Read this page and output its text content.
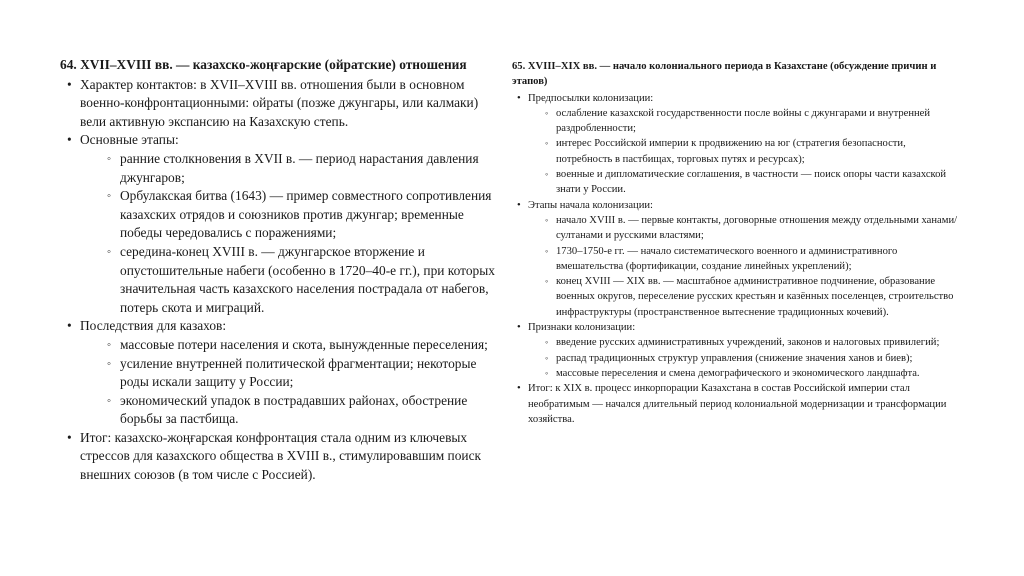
64. XVII–XVIII вв. — казахско-жоңғарские (ойратские) отношения
• Характер контактов: в XVII–XVIII вв. отношения были в основном военно-конфронтационными: ойраты (позже джунгары, или калмаки) вели активную экспансию на Казахскую степь.
• Основные этапы:
◦ ранние столкновения в XVII в. — период нарастания давления джунгаров;
◦ Орбулакская битва (1643) — пример совместного сопротивления казахских отрядов и союзников против джунгар; временные победы чередовались с поражениями;
◦ середина-конец XVIII в. — джунгарское вторжение и опустошительные набеги (особенно в 1720–40-е гг.), при которых значительная часть казахского населения пострадала от набегов, потерь скота и миграций.
• Последствия для казахов:
◦ массовые потери населения и скота, вынужденные переселения;
◦ усиление внутренней политической фрагментации; некоторые роды искали защиту у России;
◦ экономический упадок в пострадавших районах, обострение борьбы за пастбища.
• Итог: казахско-жоңғарская конфронтация стала одним из ключевых стрессов для казахского общества в XVIII в., стимулировавшим поиск внешних союзов (в том числе с Россией).
65. XVIII–XIX вв. — начало колониального периода в Казахстане (обсуждение причин и этапов)
• Предпосылки колонизации:
◦ ослабление казахской государственности после войны с джунгарами и внутренней раздробленности;
◦ интерес Российской империи к продвижению на юг (стратегия безопасности, потребность в пастбищах, торговых путях и ресурсах);
◦ военные и дипломатические соглашения, в частности — поиск опоры части казахской знати у России.
• Этапы начала колонизации:
◦ начало XVIII в. — первые контакты, договорные отношения между отдельными ханами/султанами и русскими властями;
◦ 1730–1750-е гг. — начало систематического военного и административного вмешательства (фортификации, создание линейных укреплений);
◦ конец XVIII — XIX вв. — масштабное административное подчинение, образование военных округов, переселение русских крестьян и казённых поселенцев, строительство инфраструктуры (пространственное вытеснение традиционных кочевий).
• Признаки колонизации:
◦ введение русских административных учреждений, законов и налоговых привилегий;
◦ распад традиционных структур управления (снижение значения ханов и биев);
◦ массовые переселения и смена демографического и экономического ландшафта.
• Итог: к XIX в. процесс инкорпорации Казахстана в состав Российской империи стал необратимым — начался длительный период колониальной модернизации и трансформации хозяйства.
